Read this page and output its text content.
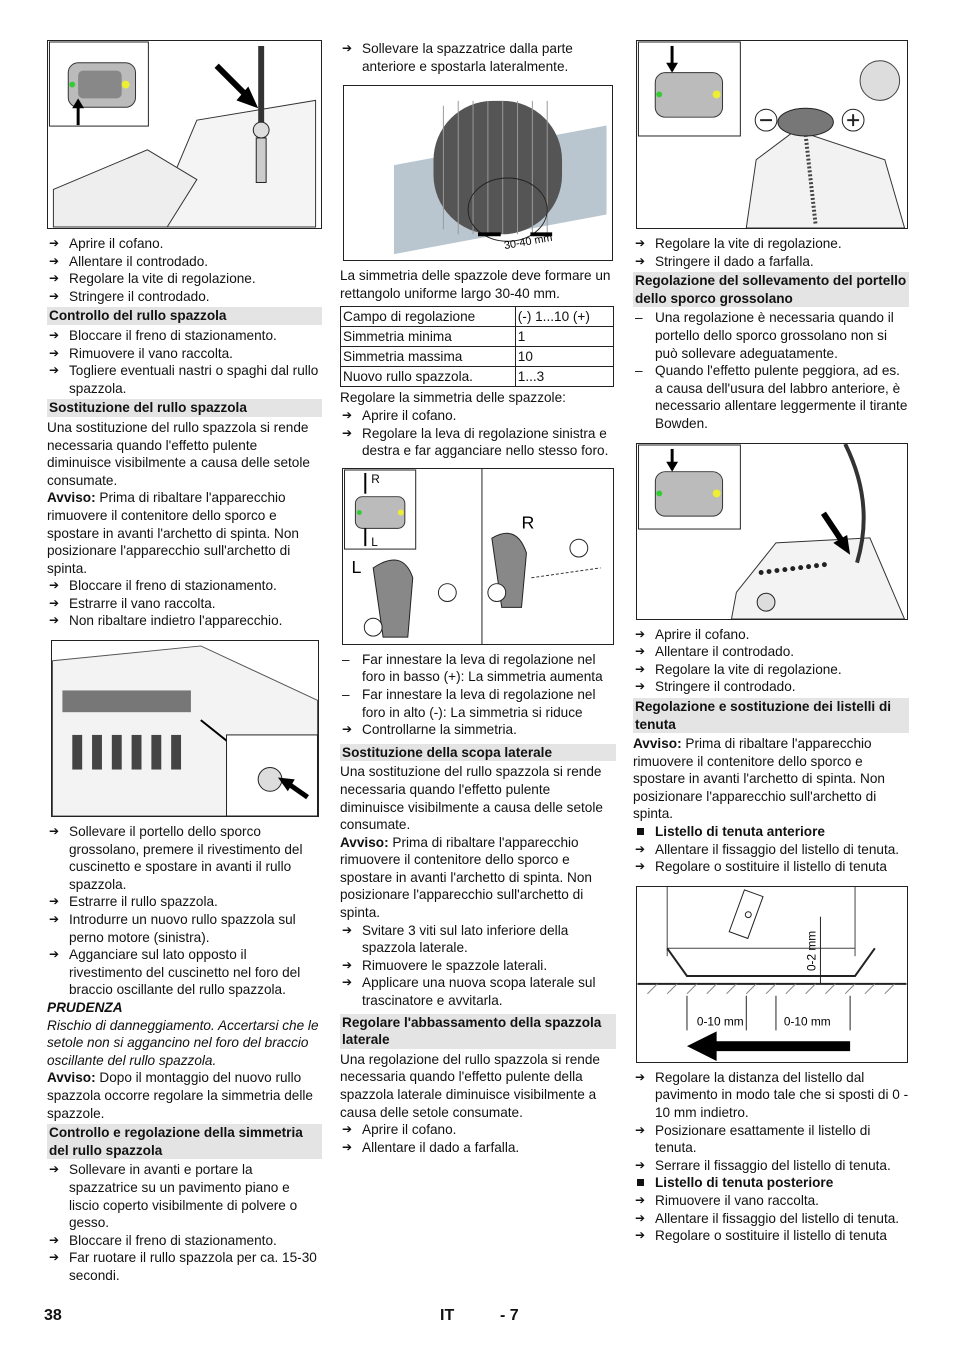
➔ Aprire il cofano.
➔ Allentare il controdado.
➔ Regolare la vite di regolazione.
➔ Stringere il controdado.
Controllo del rullo spazzola
➔ Bloccare il freno di stazionamento.
➔ Rimuovere il vano raccolta.
➔ Togliere eventuali nastri o spaghi dal rullo spazzola.
Sostituzione del rullo spazzola

Una sostituzione del rullo spazzola si rende necessaria quando l'effetto pulente diminuisce visibilmente a causa delle setole consumate.

Avviso: Prima di ribaltare l'apparecchio rimuovere il contenitore dello sporco e spostare in avanti l'archetto di spinta. Non posizionare l'apparecchio sull'archetto di spinta.

➔ Bloccare il freno di stazionamento.
➔ Estrarre il vano raccolta.
➔ Non ribaltare indietro l'apparecchio.
➔ Sollevare il portello dello sporco grossolano, premere il rivestimento del cuscinetto e spostare in avanti il rullo spazzola.
➔ Estrarre il rullo spazzola.
➔ Introdurre un nuovo rullo spazzola sul perno motore (sinistra).
➔ Agganciare sul lato opposto il rivestimento del cuscinetto nel foro del braccio oscillante del rullo spazzola.

PRUDENZA

Rischio di danneggiamento. Accertarsi che le setole non si aggancino nel foro del braccio oscillante del rullo spazzola.

Avviso: Dopo il montaggio del nuovo rullo spazzola occorre regolare la simmetria delle spazzole.

Controllo e regolazione della simmetria del rullo spazzola
➔ Sollevare in avanti e portare la spazzatrice su un pavimento piano e liscio coperto visibilmente di polvere o gesso.
➔ Bloccare il freno di stazionamento.
➔ Far ruotare il rullo spazzola per ca. 15-30 secondi.
➔ Sollevare la spazzatrice dalla parte anteriore e spostarla lateralmente.
30-40 mm

La simmetria delle spazzole deve formare un rettangolo uniforme largo 30-40 mm.

Campo di regolazione	(-) 1...10 (+)
Simmetria minima	1
Simmetria massima	10
Nuovo rullo spazzola.	1...3

Regolare la simmetria delle spazzole:

➔ Aprire il cofano.
➔ Regolare la leva di regolazione sinistra e destra e far agganciare nello stesso foro.
R
L
L
R
– Far innestare la leva di regolazione nel foro in basso (+): La simmetria aumenta
– Far innestare la leva di regolazione nel foro in alto (-): La simmetria si riduce
➔ Controllarne la simmetria.
Sostituzione della scopa laterale

Una sostituzione del rullo spazzola si rende necessaria quando l'effetto pulente diminuisce visibilmente a causa delle setole consumate.

Avviso: Prima di ribaltare l'apparecchio rimuovere il contenitore dello sporco e spostare in avanti l'archetto di spinta. Non posizionare l'apparecchio sull'archetto di spinta.

➔ Svitare 3 viti sul lato inferiore della spazzola laterale.
➔ Rimuovere le spazzole laterali.
➔ Applicare una nuova scopa laterale sul trascinatore e avvitarla.
Regolare l'abbassamento della spazzola laterale

Una regolazione del rullo spazzola si rende necessaria quando l'effetto pulente della spazzola laterale diminuisce visibilmente a causa delle setole consumate.

➔ Aprire il cofano.
➔ Allentare il dado a farfalla.
➔ Regolare la vite di regolazione.
➔ Stringere il dado a farfalla.
Regolazione del sollevamento del portello dello sporco grossolano
– Una regolazione è necessaria quando il portello dello sporco grossolano non si può sollevare adeguatamente.
– Quando l'effetto pulente peggiora, ad es. a causa dell'usura del labbro anteriore, è necessario allentare leggermente il tirante Bowden.
➔ Aprire il cofano.
➔ Allentare il controdado.
➔ Regolare la vite di regolazione.
➔ Stringere il controdado.
Regolazione e sostituzione dei listelli di tenuta

Avviso: Prima di ribaltare l'apparecchio rimuovere il contenitore dello sporco e spostare in avanti l'archetto di spinta. Non posizionare l'apparecchio sull'archetto di spinta.

Listello di tenuta anteriore

➔ Allentare il fissaggio del listello di tenuta.
➔ Regolare o sostituire il listello di tenuta
0-2 mm
0-10 mm	0-10 mm
➔ Regolare la distanza del listello dal pavimento in modo tale che si sposti di 0 - 10 mm indietro.
➔ Posizionare esattamente il listello di tenuta.
➔ Serrare il fissaggio del listello di tenuta.

Listello di tenuta posteriore

➔ Rimuovere il vano raccolta.
➔ Allentare il fissaggio del listello di tenuta.
➔ Regolare o sostituire il listello di tenuta
38	IT	- 7
